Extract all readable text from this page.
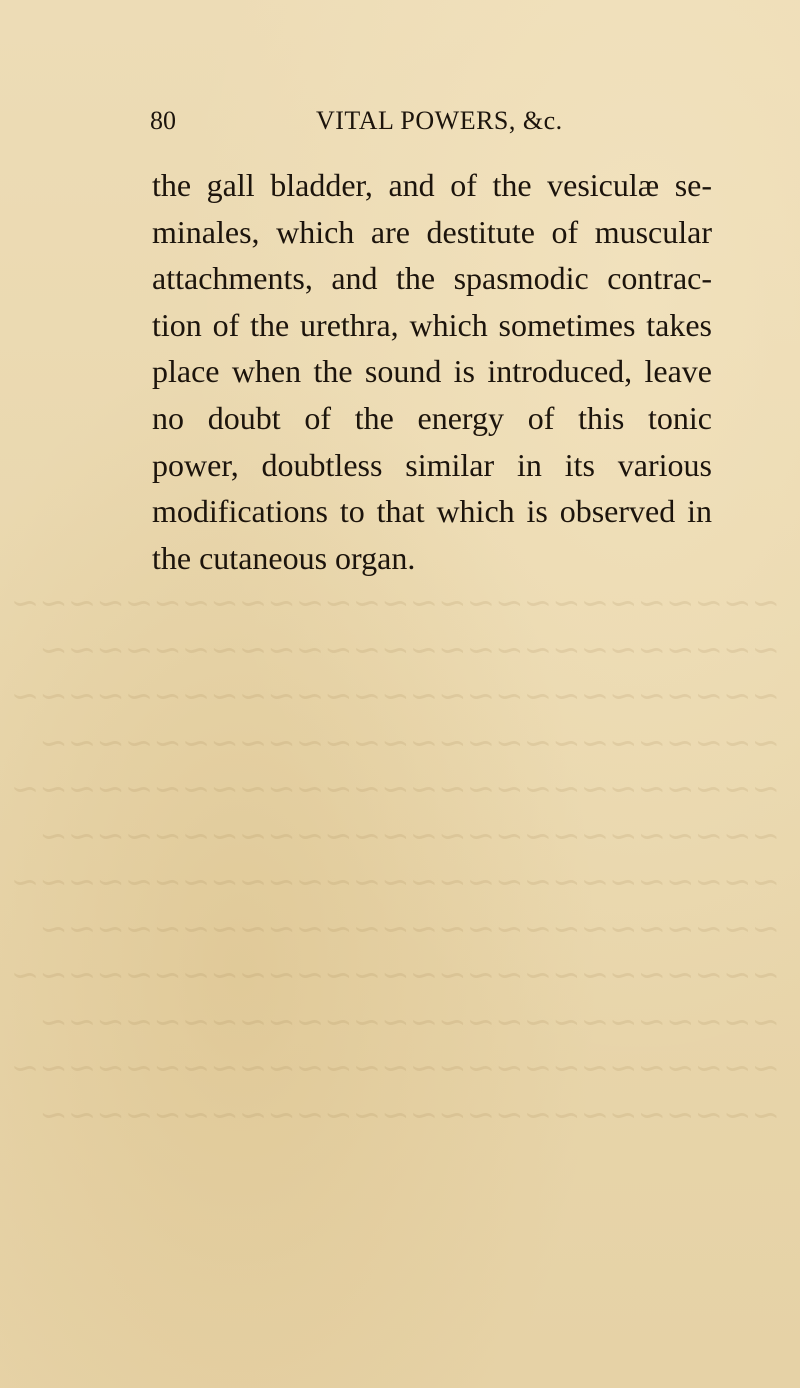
~~~~~~~~~~~~~~~~~~~~~~~~~~~
~~~~~~~~~~~~~~~~~~~~~~~~~~
~~~~~~~~~~~~~~~~~~~~~~~~~~~
~~~~~~~~~~~~~~~~~~~~~~~~~~
~~~~~~~~~~~~~~~~~~~~~~~~~~~
~~~~~~~~~~~~~~~~~~~~~~~~~~
~~~~~~~~~~~~~~~~~~~~~~~~~~~
~~~~~~~~~~~~~~~~~~~~~~~~~~
~~~~~~~~~~~~~~~~~~~~~~~~~~~
~~~~~~~~~~~~~~~~~~~~~~~~~~
~~~~~~~~~~~~~~~~~~~~~~~~~~~
~~~~~~~~~~~~~~~~~~~~~~~~~~
80	VITAL POWERS, &c.
the gall bladder, and of the vesiculæ se-
minales, which are destitute of muscular
attachments, and the spasmodic contrac-
tion of the urethra, which sometimes takes
place when the sound is introduced, leave
no doubt of the energy of this tonic
power, doubtless similar in its various
modifications to that which is observed in
the cutaneous organ.
